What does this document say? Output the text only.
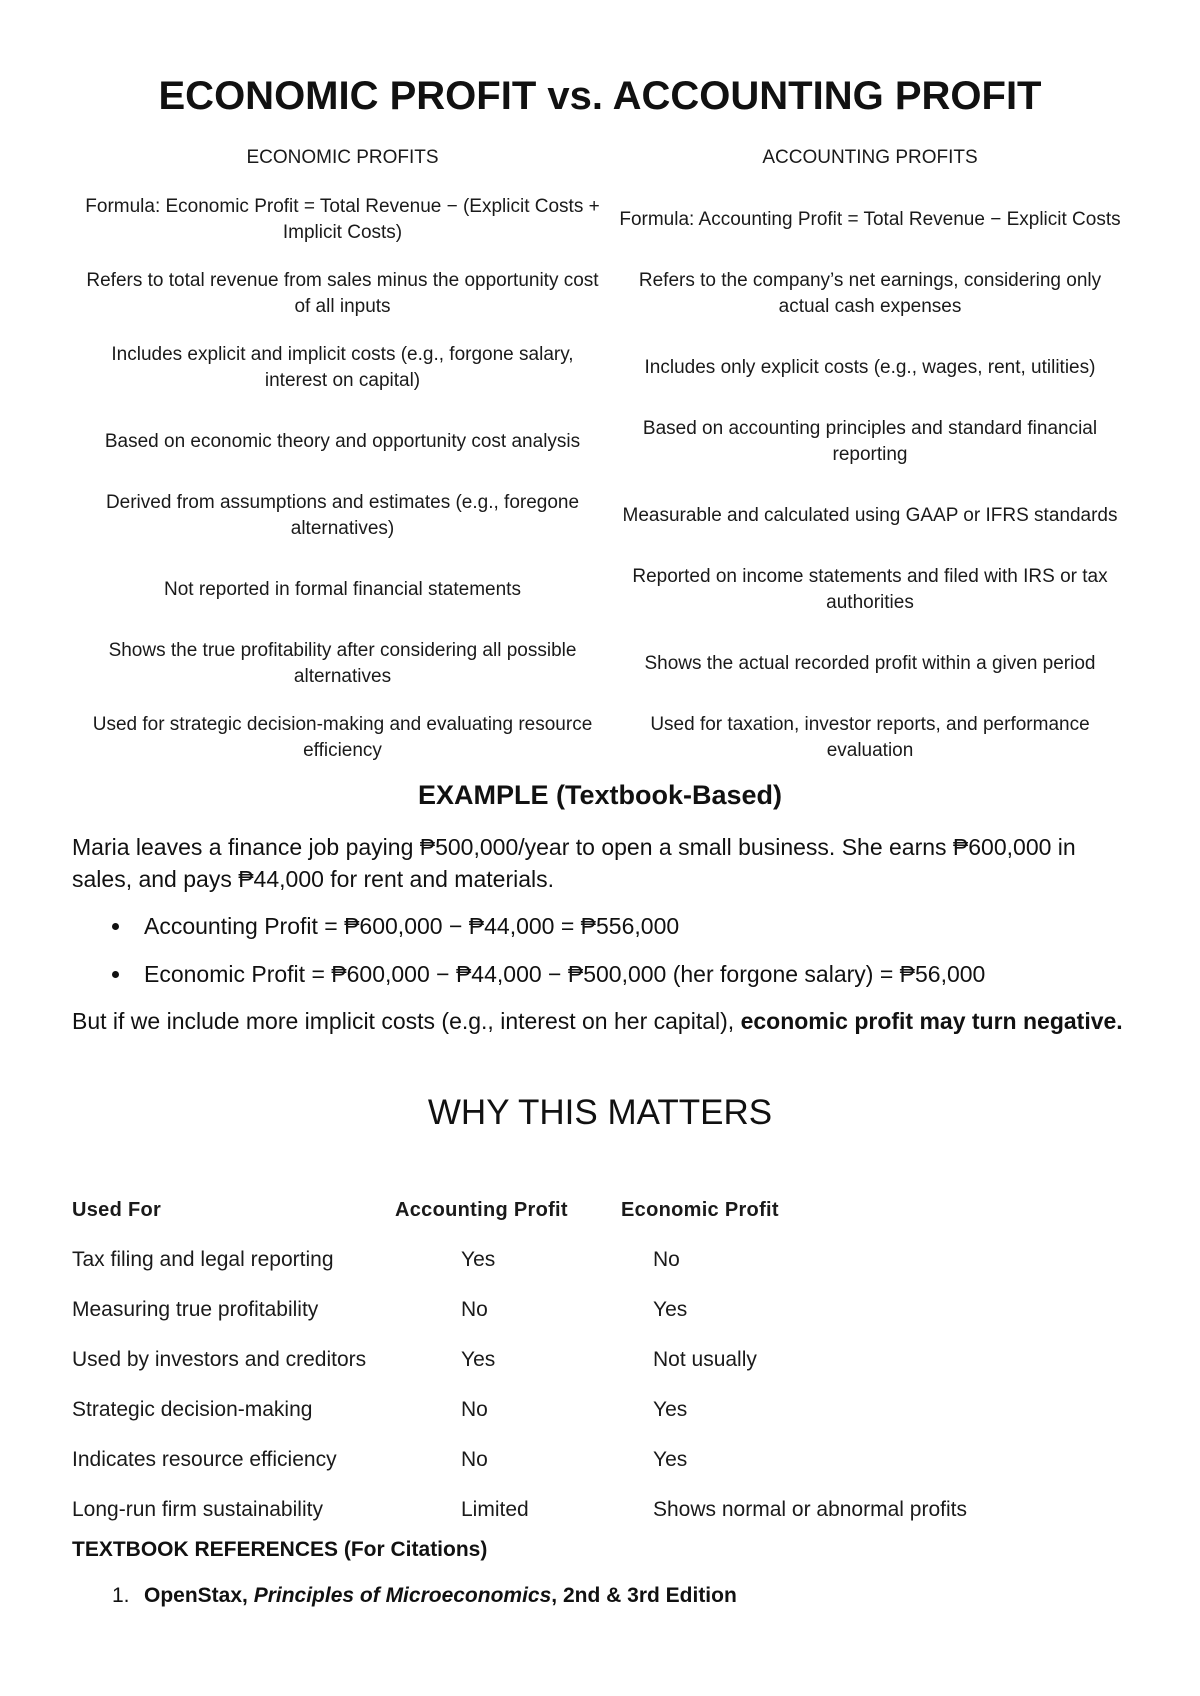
ECONOMIC PROFIT vs. ACCOUNTING PROFIT
ECONOMIC PROFITS	ACCOUNTING PROFITS
Formula: Economic Profit = Total Revenue − (Explicit Costs + Implicit Costs)	Formula: Accounting Profit = Total Revenue − Explicit Costs
Refers to total revenue from sales minus the opportunity cost of all inputs	Refers to the company’s net earnings, considering only actual cash expenses
Includes explicit and implicit costs (e.g., forgone salary, interest on capital)	Includes only explicit costs (e.g., wages, rent, utilities)
Based on economic theory and opportunity cost analysis	Based on accounting principles and standard financial reporting
Derived from assumptions and estimates (e.g., foregone alternatives)	Measurable and calculated using GAAP or IFRS standards
Not reported in formal financial statements	Reported on income statements and filed with IRS or tax authorities
Shows the true profitability after considering all possible alternatives	Shows the actual recorded profit within a given period
Used for strategic decision-making and evaluating resource efficiency	Used for taxation, investor reports, and performance evaluation
EXAMPLE (Textbook-Based)
Maria leaves a finance job paying ₱500,000/year to open a small business. She earns ₱600,000 in sales, and pays ₱44,000 for rent and materials.
Accounting Profit = ₱600,000 − ₱44,000 = ₱556,000
Economic Profit = ₱600,000 − ₱44,000 − ₱500,000 (her forgone salary) = ₱56,000
But if we include more implicit costs (e.g., interest on her capital), economic profit may turn negative.
WHY THIS MATTERS
Used For	Accounting Profit	Economic Profit
Tax filing and legal reporting	Yes	No
Measuring true profitability	No	Yes
Used by investors and creditors	Yes	Not usually
Strategic decision-making	No	Yes
Indicates resource efficiency	No	Yes
Long-run firm sustainability	Limited	Shows normal or abnormal profits
TEXTBOOK REFERENCES (For Citations)
1. OpenStax, Principles of Microeconomics, 2nd & 3rd Edition
